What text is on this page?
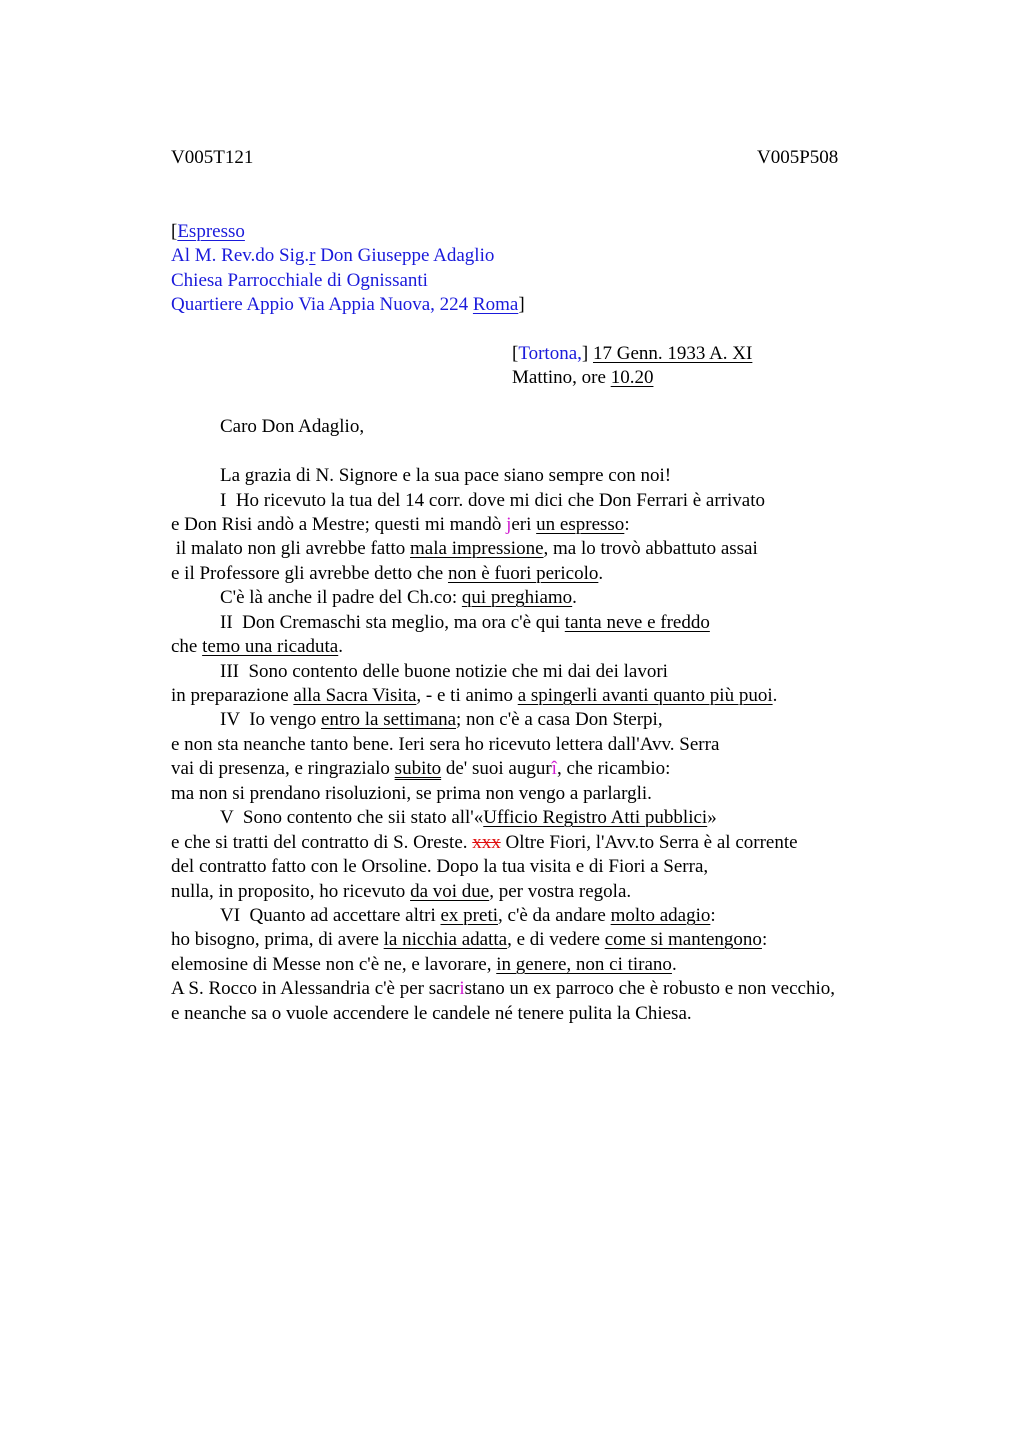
V005T121	V005P508
[Espresso
Al M. Rev.do Sig.r Don Giuseppe Adaglio
Chiesa Parrocchiale di Ognissanti
Quartiere Appio Via Appia Nuova, 224 Roma]
[Tortona,] 17 Genn. 1933 A. XI
Mattino, ore 10.20
Caro Don Adaglio,
La grazia di N. Signore e la sua pace siano sempre con noi!
I  Ho ricevuto la tua del 14 corr. dove mi dici che Don Ferrari è arrivato
e Don Risi andò a Mestre; questi mi mandò jeri un espresso:
il malato non gli avrebbe fatto mala impressione, ma lo trovò abbattuto assai
e il Professore gli avrebbe detto che non è fuori pericolo.
C'è là anche il padre del Ch.co: qui preghiamo.
II  Don Cremaschi sta meglio, ma ora c'è qui tanta neve e freddo
che temo una ricaduta.
III  Sono contento delle buone notizie che mi dai dei lavori
in preparazione alla Sacra Visita, - e ti animo a spingerli avanti quanto più puoi.
IV  Io vengo entro la settimana; non c'è a casa Don Sterpi,
e non sta neanche tanto bene. Ieri sera ho ricevuto lettera dall'Avv. Serra
vai di presenza, e ringrazialo subito de' suoi augurî, che ricambio:
ma non si prendano risoluzioni, se prima non vengo a parlargli.
V  Sono contento che sii stato all'«Ufficio Registro Atti pubblici»
e che si tratti del contratto di S. Oreste. xxx Oltre Fiori, l'Avv.to Serra è al corrente
del contratto fatto con le Orsoline. Dopo la tua visita e di Fiori a Serra,
nulla, in proposito, ho ricevuto da voi due, per vostra regola.
VI  Quanto ad accettare altri ex preti, c'è da andare molto adagio:
ho bisogno, prima, di avere la nicchia adatta, e di vedere come si mantengono:
elemosine di Messe non c'è ne, e lavorare, in genere, non ci tirano.
A S. Rocco in Alessandria c'è per sacristano un ex parroco che è robusto e non vecchio,
e neanche sa o vuole accendere le candele né tenere pulita la Chiesa.
